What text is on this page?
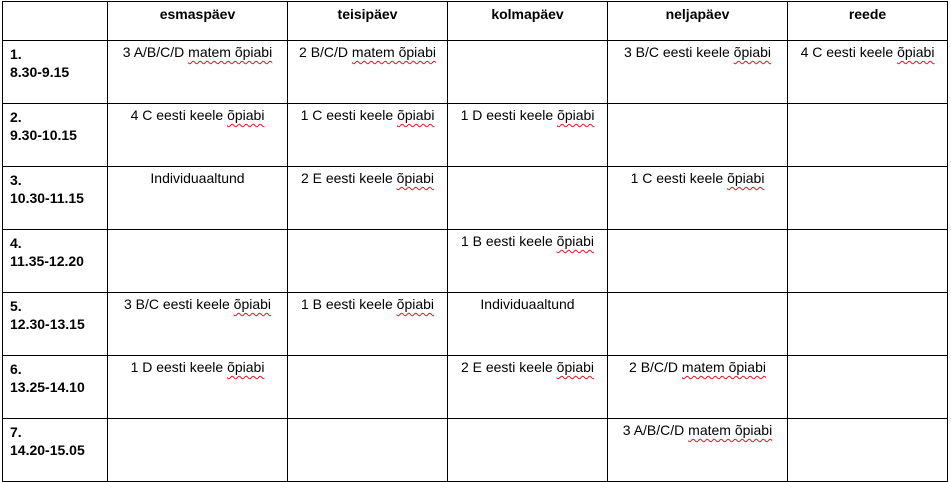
	esmaspäev	teisipäev	kolmapäev	neljapäev	reede

1.
8.30-9.15	3 A/B/C/D matem õpiabi	2 B/C/D matem õpiabi		3 B/C eesti keele õpiabi	4 C eesti keele õpiabi

2.
9.30-10.15	4 C eesti keele õpiabi	1 C eesti keele õpiabi	1 D eesti keele õpiabi		

3.
10.30-11.15	Individuaaltund	2 E eesti keele õpiabi		1 C eesti keele õpiabi	

4.
11.35-12.20			1 B eesti keele õpiabi		

5.
12.30-13.15	3 B/C eesti keele õpiabi	1 B eesti keele õpiabi	Individuaaltund		

6.
13.25-14.10	1 D eesti keele õpiabi		2 E eesti keele õpiabi	2 B/C/D matem õpiabi	

7.
14.20-15.05				3 A/B/C/D matem õpiabi	
